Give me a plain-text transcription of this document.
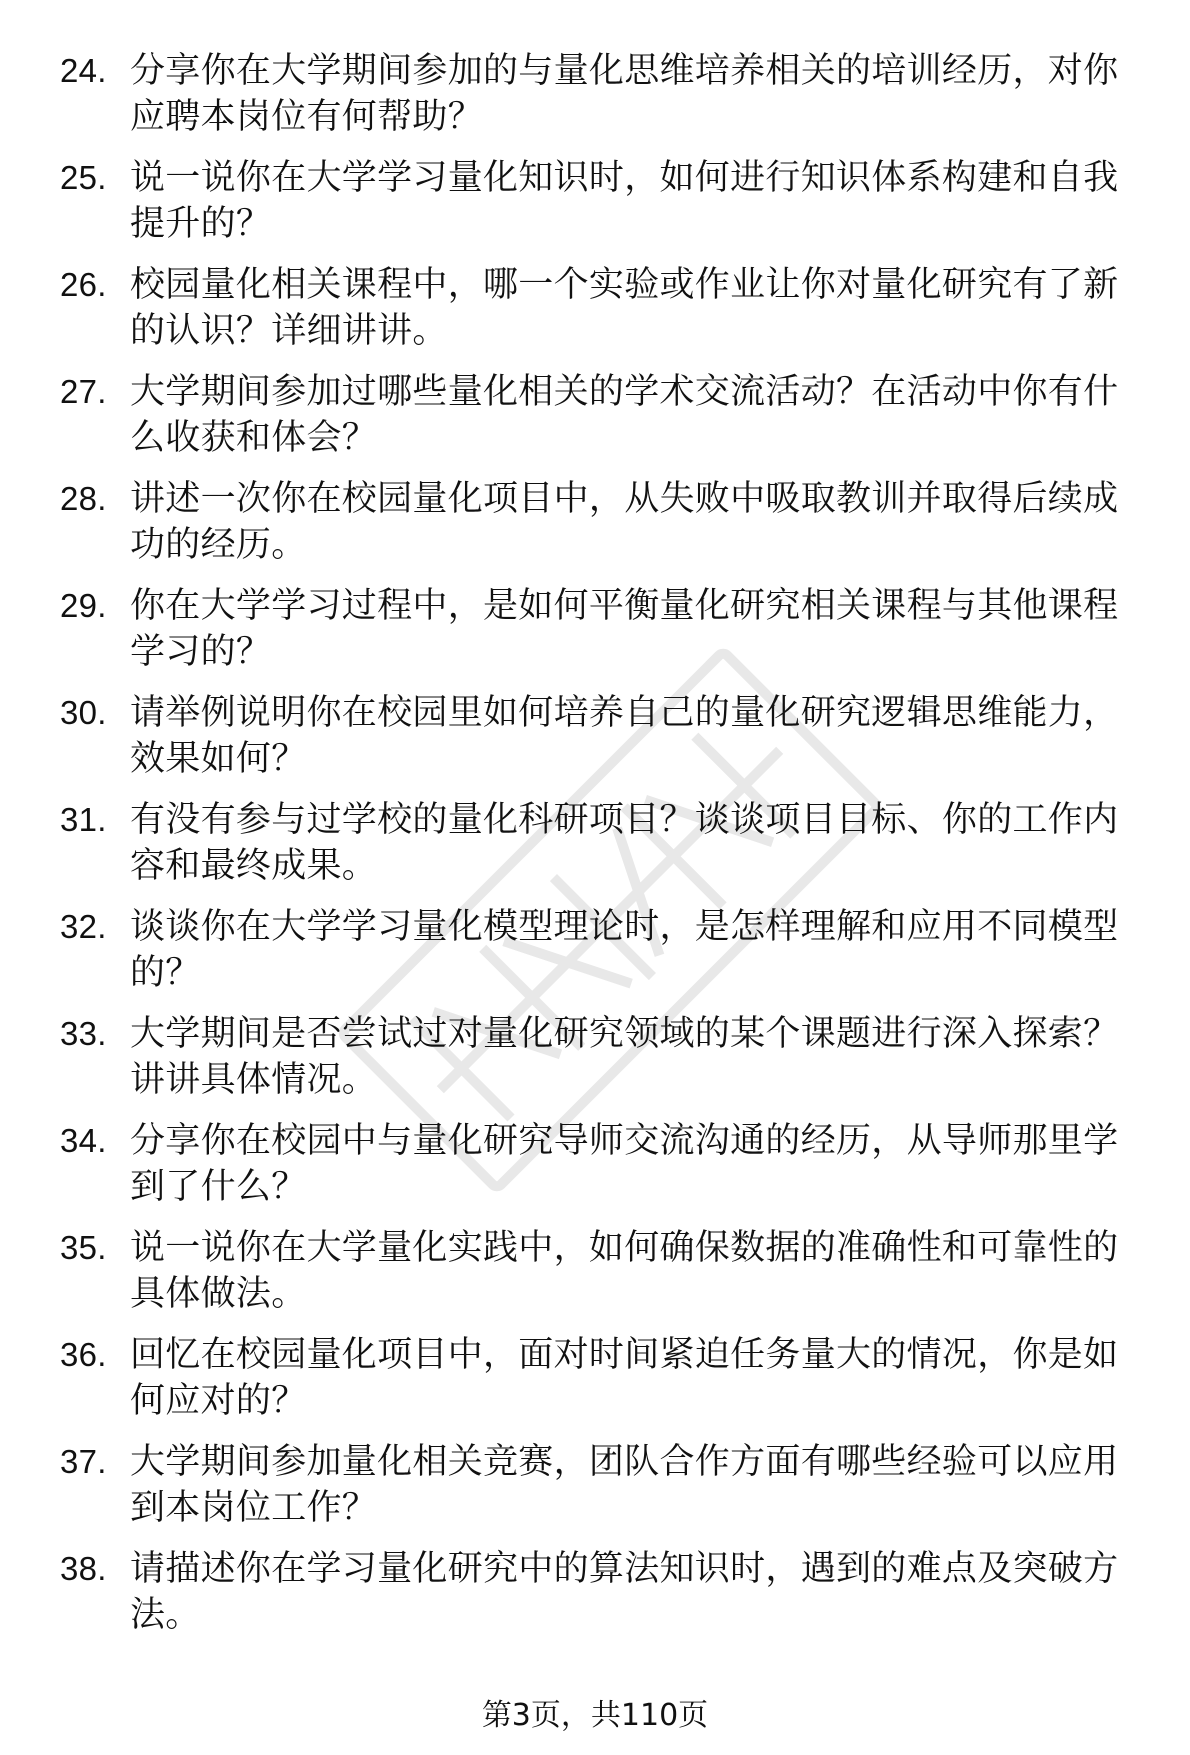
24. 分享你在大学期间参加的与量化思维培养相关的培训经历，对你应聘本岗位有何帮助？
25. 说一说你在大学学习量化知识时，如何进行知识体系构建和自我提升的？
26. 校园量化相关课程中，哪一个实验或作业让你对量化研究有了新的认识？详细讲讲。
27. 大学期间参加过哪些量化相关的学术交流活动？在活动中你有什么收获和体会？
28. 讲述一次你在校园量化项目中，从失败中吸取教训并取得后续成功的经历。
29. 你在大学学习过程中，是如何平衡量化研究相关课程与其他课程学习的？
30. 请举例说明你在校园里如何培养自己的量化研究逻辑思维能力，效果如何？
31. 有没有参与过学校的量化科研项目？谈谈项目目标、你的工作内容和最终成果。
32. 谈谈你在大学学习量化模型理论时，是怎样理解和应用不同模型的？
33. 大学期间是否尝试过对量化研究领域的某个课题进行深入探索？讲讲具体情况。
34. 分享你在校园中与量化研究导师交流沟通的经历，从导师那里学到了什么？
35. 说一说你在大学量化实践中，如何确保数据的准确性和可靠性的具体做法。
36. 回忆在校园量化项目中，面对时间紧迫任务量大的情况，你是如何应对的？
37. 大学期间参加量化相关竞赛，团队合作方面有哪些经验可以应用到本岗位工作？
38. 请描述你在学习量化研究中的算法知识时，遇到的难点及突破方法。
第3页，共110页
